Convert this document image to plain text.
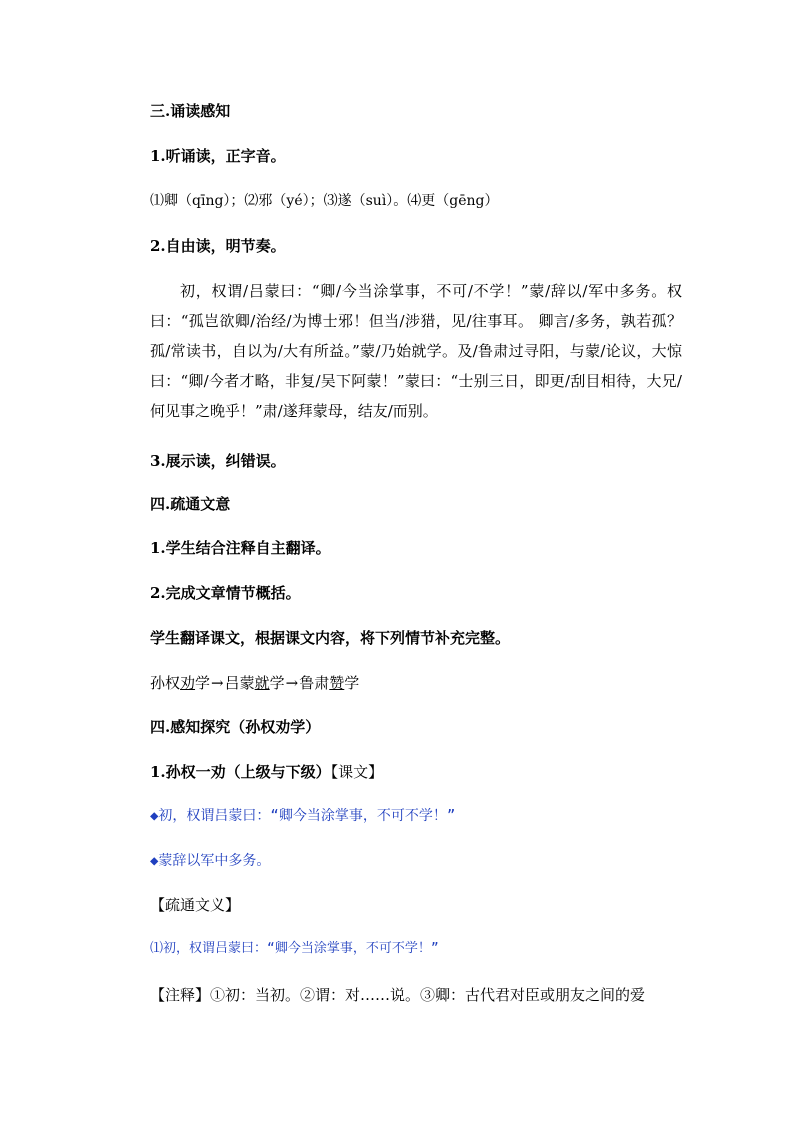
三.诵读感知
1.听诵读，正字音。
⑴卿（qīng）；⑵邪（yé）；⑶遂（suì）。⑷更（gēng）
2.自由读，明节奏。
初，权谓/吕蒙曰：“卿/今当涂掌事，不可/不学！”蒙/辞以/军中多务。权曰：“孤岂欲卿/治经/为博士邪！但当/涉猎，见/往事耳。 卿言/多务，孰若孤？孤/常读书，自以为/大有所益。”蒙/乃始就学。及/鲁肃过寻阳，与蒙/论议，大惊曰：“卿/今者才略，非复/吴下阿蒙！”蒙曰：“士别三日，即更/刮目相待，大兄/何见事之晚乎！”肃/遂拜蒙母，结友/而别。
3.展示读，纠错误。
四.疏通文意
1.学生结合注释自主翻译。
2.完成文章情节概括。
学生翻译课文，根据课文内容，将下列情节补充完整。
孙权劝学→吕蒙就学→鲁肃赞学
四.感知探究（孙权劝学）
1.孙权一劝（上级与下级）【课文】
◆初，权谓吕蒙曰：“卿今当涂掌事，不可不学！”
◆蒙辞以军中多务。
【疏通文义】
⑴初，权谓吕蒙曰：“卿今当涂掌事，不可不学！”
【注释】①初：当初。②谓：对……说。③卿：古代君对臣或朋友之间的爱
